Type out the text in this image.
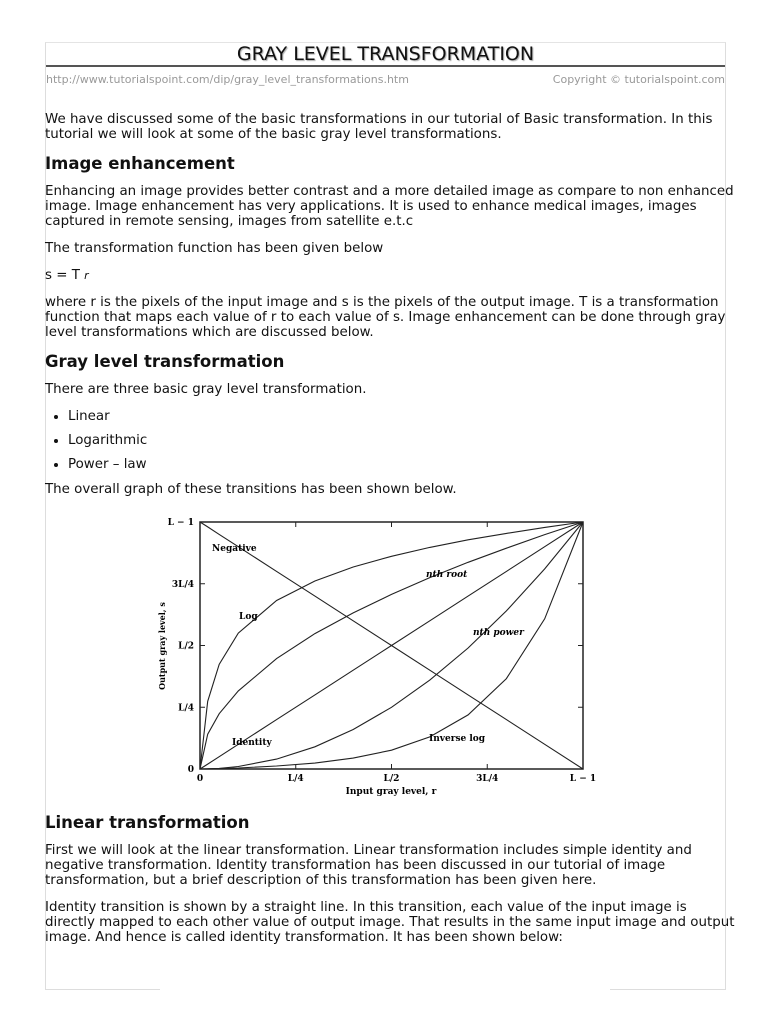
GRAY LEVEL TRANSFORMATION
http://www.tutorialspoint.com/dip/gray_level_transformations.htm	Copyright © tutorialspoint.com

We have discussed some of the basic transformations in our tutorial of Basic transformation. In this tutorial we will look at some of the basic gray level transformations.

Image enhancement

Enhancing an image provides better contrast and a more detailed image as compare to non enhanced image. Image enhancement has very applications. It is used to enhance medical images, images captured in remote sensing, images from satellite e.t.c

The transformation function has been given below

s = T r

where r is the pixels of the input image and s is the pixels of the output image. T is a transformation function that maps each value of r to each value of s. Image enhancement can be done through gray level transformations which are discussed below.

Gray level transformation

There are three basic gray level transformation.

• Linear
• Logarithmic
• Power – law

The overall graph of these transitions has been shown below.

0	L/4	L/2	3L/4	L − 1
0
L/4
L/2
3L/4
L − 1
Negative
Identity
Log
nth root
nth power
Inverse log
Input gray level, r
Output gray level, s
Linear transformation

First we will look at the linear transformation. Linear transformation includes simple identity and negative transformation. Identity transformation has been discussed in our tutorial of image transformation, but a brief description of this transformation has been given here.

Identity transition is shown by a straight line. In this transition, each value of the input image is directly mapped to each other value of output image. That results in the same input image and output image. And hence is called identity transformation. It has been shown below:
